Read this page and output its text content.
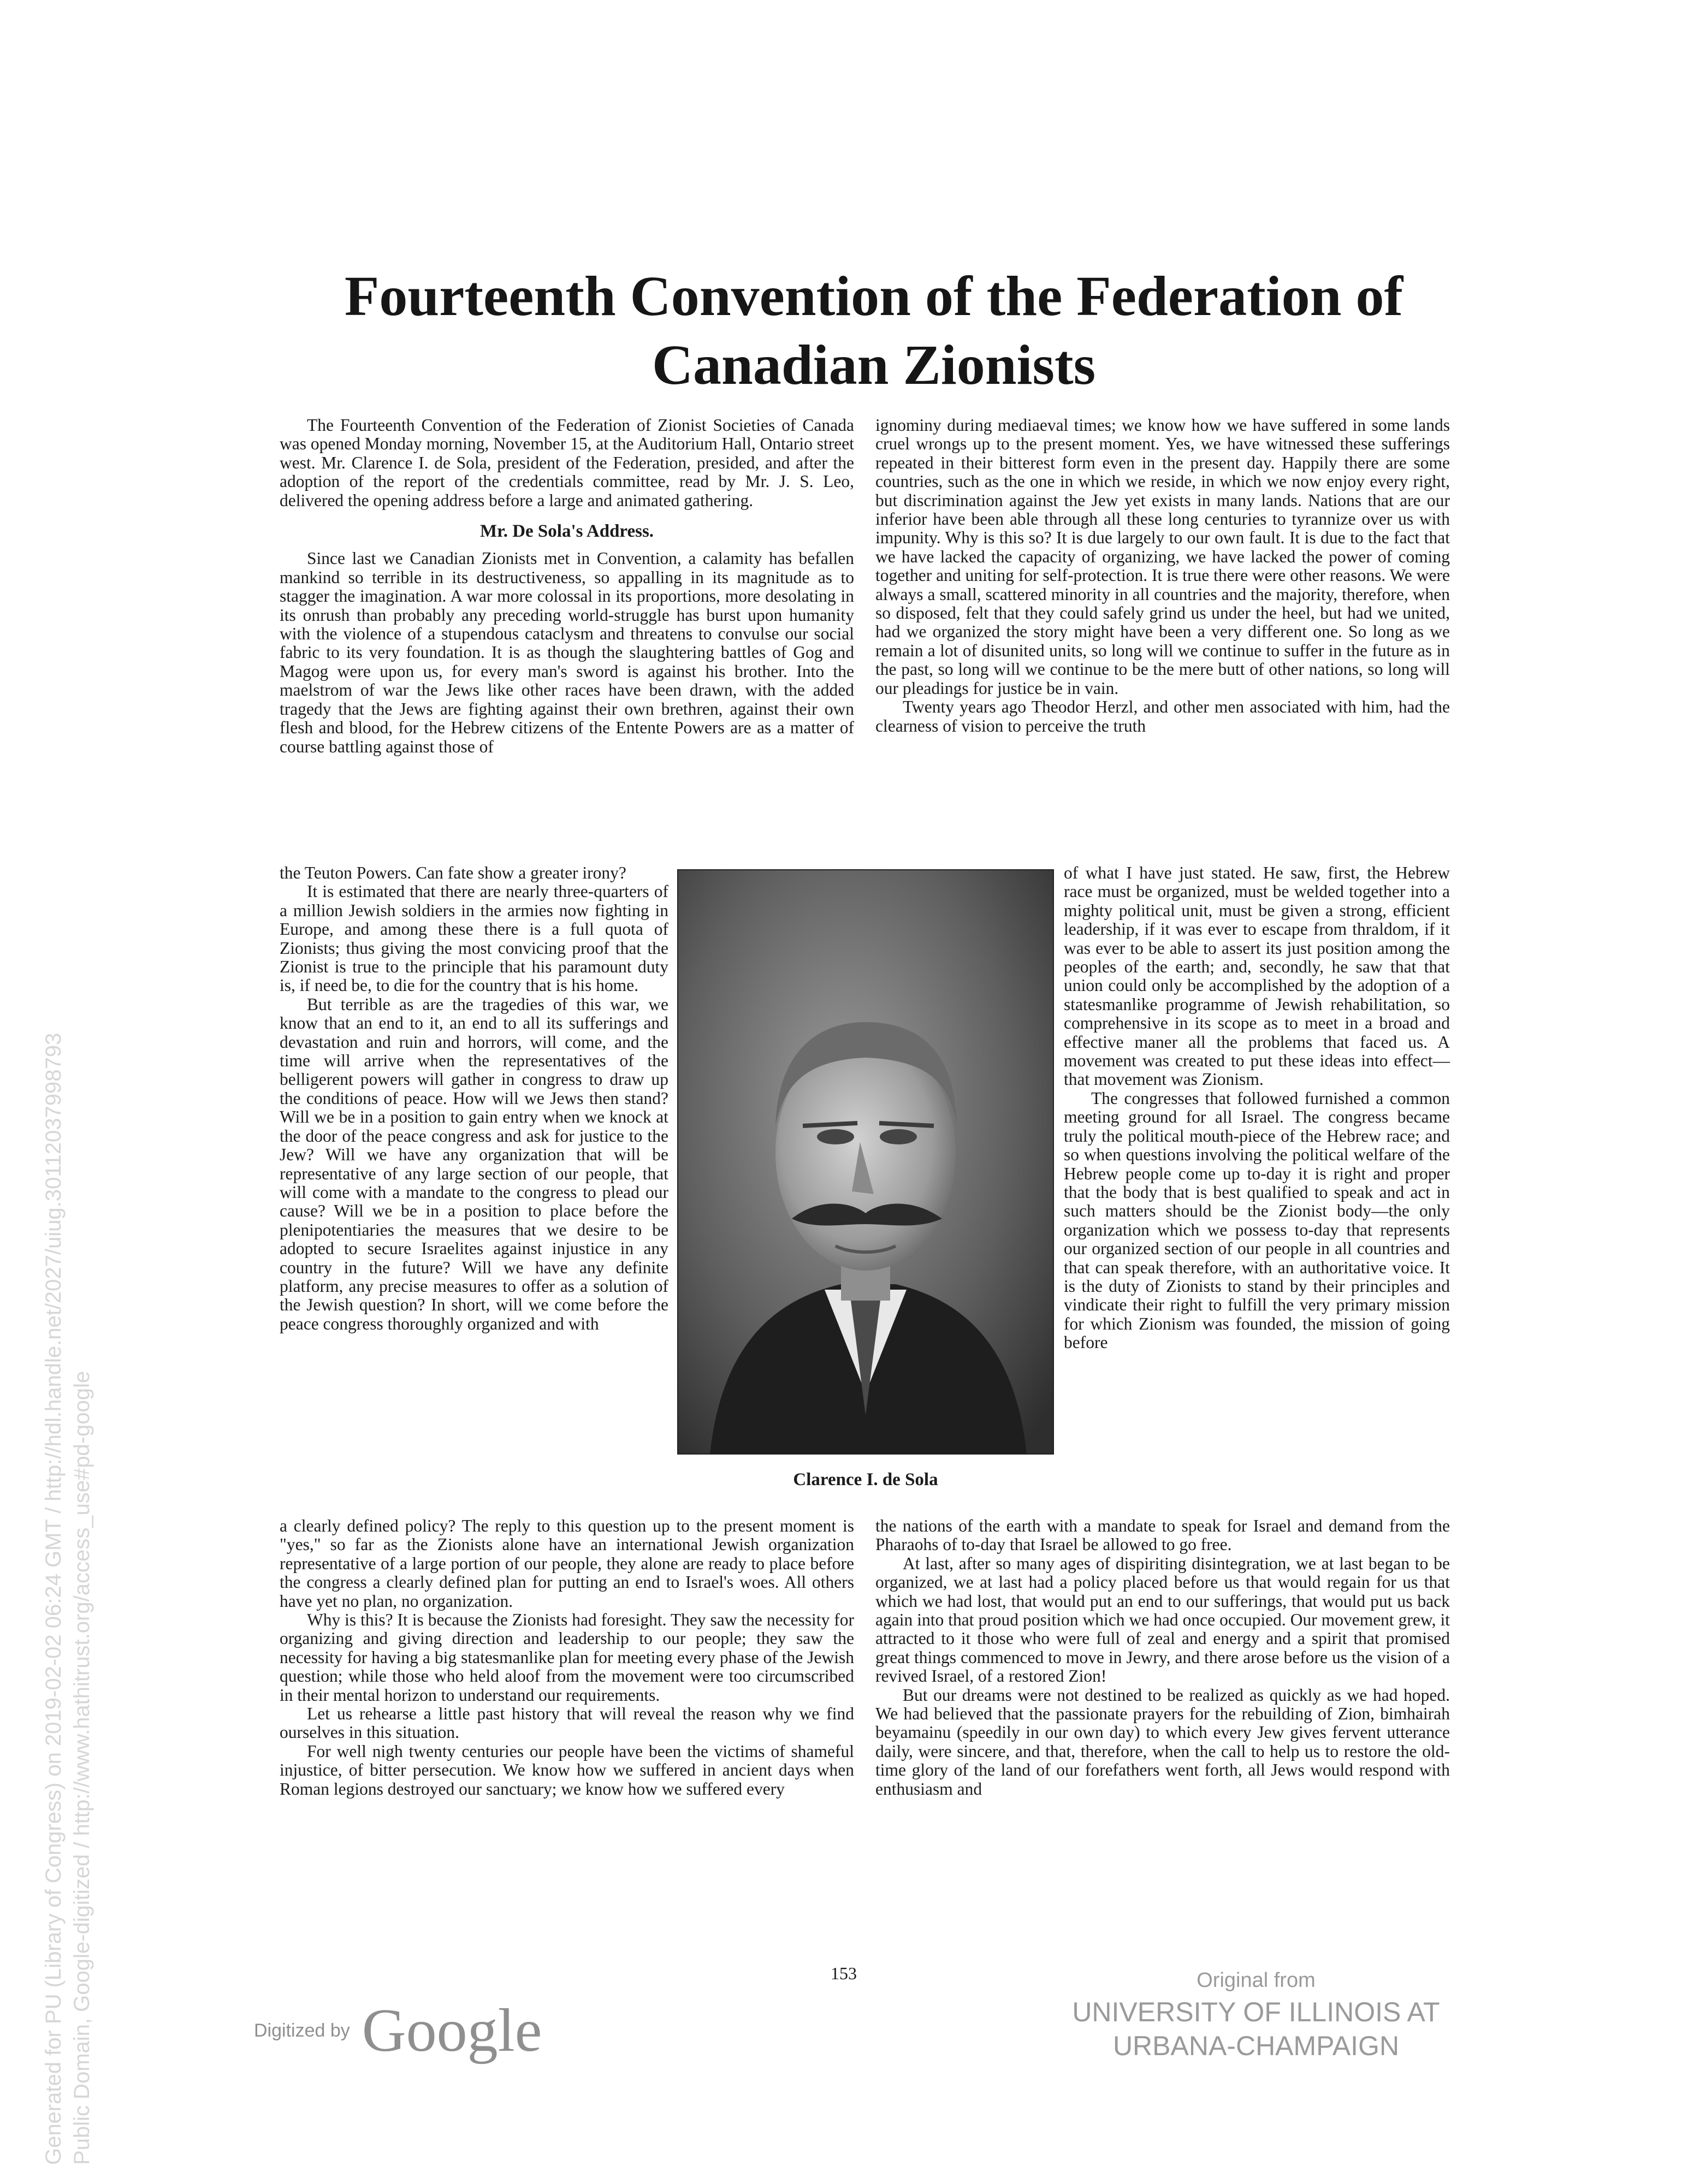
Fourteenth Convention of the Federation of Canadian Zionists

The Fourteenth Convention of the Federation of Zionist Societies of Canada was opened Monday morning, November 15, at the Auditorium Hall, Ontario street west. Mr. Clarence I. de Sola, president of the Federation, presided, and after the adoption of the report of the credentials committee, read by Mr. J. S. Leo, delivered the opening address before a large and animated gathering.

Mr. De Sola's Address.

Since last we Canadian Zionists met in Convention, a calamity has befallen mankind so terrible in its destructiveness, so appalling in its magnitude as to stagger the imagination. A war more colossal in its proportions, more desolating in its onrush than probably any preceding world-struggle has burst upon humanity with the violence of a stupendous cataclysm and threatens to convulse our social fabric to its very foundation. It is as though the slaughtering battles of Gog and Magog were upon us, for every man's sword is against his brother. Into the maelstrom of war the Jews like other races have been drawn, with the added tragedy that the Jews are fighting against their own brethren, against their own flesh and blood, for the Hebrew citizens of the Entente Powers are as a matter of course battling against those of

the Teuton Powers. Can fate show a greater irony?

It is estimated that there are nearly three-quarters of a million Jewish soldiers in the armies now fighting in Europe, and among these there is a full quota of Zionists; thus giving the most convicing proof that the Zionist is true to the principle that his paramount duty is, if need be, to die for the country that is his home.

But terrible as are the tragedies of this war, we know that an end to it, an end to all its sufferings and devastation and ruin and horrors, will come, and the time will arrive when the representatives of the belligerent powers will gather in congress to draw up the conditions of peace. How will we Jews then stand? Will we be in a position to gain entry when we knock at the door of the peace congress and ask for justice to the Jew? Will we have any organization that will be representative of any large section of our people, that will come with a mandate to the congress to plead our cause? Will we be in a position to place before the plenipotentiaries the measures that we desire to be adopted to secure Israelites against injustice in any country in the future? Will we have any definite platform, any precise measures to offer as a solution of the Jewish question? In short, will we come before the peace congress thoroughly organized and with

a clearly defined policy? The reply to this question up to the present moment is "yes," so far as the Zionists alone have an international Jewish organization representative of a large portion of our people, they alone are ready to place before the congress a clearly defined plan for putting an end to Israel's woes. All others have yet no plan, no organization.

Why is this? It is because the Zionists had foresight. They saw the necessity for organizing and giving direction and leadership to our people; they saw the necessity for having a big statesmanlike plan for meeting every phase of the Jewish question; while those who held aloof from the movement were too circumscribed in their mental horizon to understand our requirements.

Let us rehearse a little past history that will reveal the reason why we find ourselves in this situation.

For well nigh twenty centuries our people have been the victims of shameful injustice, of bitter persecution. We know how we suffered in ancient days when Roman legions destroyed our sanctuary; we know how we suffered every

ignominy during mediaeval times; we know how we have suffered in some lands cruel wrongs up to the present moment. Yes, we have witnessed these sufferings repeated in their bitterest form even in the present day. Happily there are some countries, such as the one in which we reside, in which we now enjoy every right, but discrimination against the Jew yet exists in many lands. Nations that are our inferior have been able through all these long centuries to tyrannize over us with impunity. Why is this so? It is due largely to our own fault. It is due to the fact that we have lacked the capacity of organizing, we have lacked the power of coming together and uniting for self-protection. It is true there were other reasons. We were always a small, scattered minority in all countries and the majority, therefore, when so disposed, felt that they could safely grind us under the heel, but had we united, had we organized the story might have been a very different one. So long as we remain a lot of disunited units, so long will we continue to suffer in the future as in the past, so long will we continue to be the mere butt of other nations, so long will our pleadings for justice be in vain.

Twenty years ago Theodor Herzl, and other men associated with him, had the clearness of vision to perceive the truth

of what I have just stated. He saw, first, the Hebrew race must be organized, must be welded together into a mighty political unit, must be given a strong, efficient leadership, if it was ever to escape from thraldom, if it was ever to be able to assert its just position among the peoples of the earth; and, secondly, he saw that that union could only be accomplished by the adoption of a statesmanlike programme of Jewish rehabilitation, so comprehensive in its scope as to meet in a broad and effective maner all the problems that faced us. A movement was created to put these ideas into effect—that movement was Zionism.

The congresses that followed furnished a common meeting ground for all Israel. The congress became truly the political mouth-piece of the Hebrew race; and so when questions involving the political welfare of the Hebrew people come up to-day it is right and proper that the body that is best qualified to speak and act in such matters should be the Zionist body—the only organization which we possess to-day that represents our organized section of our people in all countries and that can speak therefore, with an authoritative voice. It is the duty of Zionists to stand by their principles and vindicate their right to fulfill the very primary mission for which Zionism was founded, the mission of going before

the nations of the earth with a mandate to speak for Israel and demand from the Pharaohs of to-day that Israel be allowed to go free.

At last, after so many ages of dispiriting disintegration, we at last began to be organized, we at last had a policy placed before us that would regain for us that which we had lost, that would put an end to our sufferings, that would put us back again into that proud position which we had once occupied. Our movement grew, it attracted to it those who were full of zeal and energy and a spirit that promised great things commenced to move in Jewry, and there arose before us the vision of a revived Israel, of a restored Zion!

But our dreams were not destined to be realized as quickly as we had hoped. We had believed that the passionate prayers for the rebuilding of Zion, bimhairah beyamainu (speedily in our own day) to which every Jew gives fervent utterance daily, were sincere, and that, therefore, when the call to help us to restore the old-time glory of the land of our forefathers went forth, all Jews would respond with enthusiasm and

Clarence I. de Sola
153
Digitized by Google
Original from
UNIVERSITY OF ILLINOIS AT
URBANA-CHAMPAIGN
Generated for PU (Library of Congress) on 2019-02-02 06:24 GMT / http://hdl.handle.net/2027/uiug.30112037998793 Public Domain, Google-digitized / http://www.hathitrust.org/access_use#pd-google
